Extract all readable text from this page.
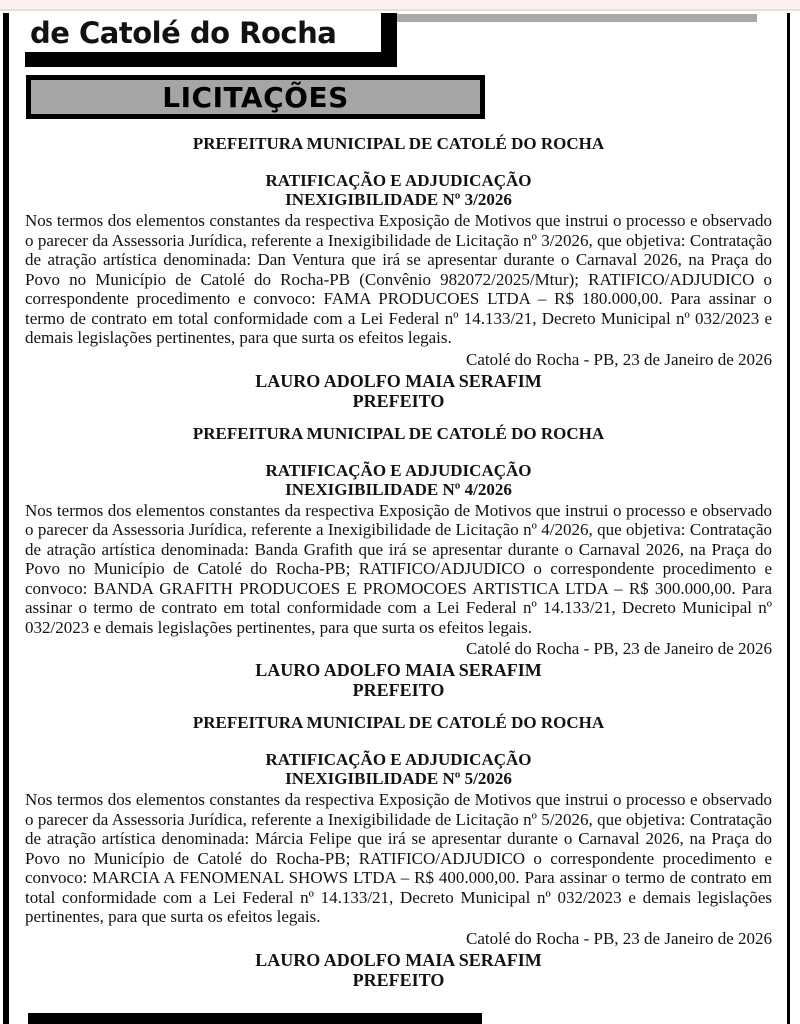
de Catolé do Rocha
LICITAÇÕES
PREFEITURA MUNICIPAL DE CATOLÉ DO ROCHA
RATIFICAÇÃO E ADJUDICAÇÃO
INEXIGIBILIDADE Nº 3/2026

Nos termos dos elementos constantes da respectiva Exposição de Motivos que instrui o processo e observado o parecer da Assessoria Jurídica, referente a Inexigibilidade de Licitação nº 3/2026, que objetiva: Contratação de atração artística denominada: Dan Ventura que irá se apresentar durante o Carnaval 2026, na Praça do Povo no Município de Catolé do Rocha-PB (Convênio 982072/2025/Mtur); RATIFICO/ADJUDICO o correspondente procedimento e convoco: FAMA PRODUCOES LTDA – R$ 180.000,00. Para assinar o termo de contrato em total conformidade com a Lei Federal nº 14.133/21, Decreto Municipal nº 032/2023 e demais legislações pertinentes, para que surta os efeitos legais.

Catolé do Rocha - PB, 23 de Janeiro de 2026
LAURO ADOLFO MAIA SERAFIM
PREFEITO
PREFEITURA MUNICIPAL DE CATOLÉ DO ROCHA
RATIFICAÇÃO E ADJUDICAÇÃO
INEXIGIBILIDADE Nº 4/2026

Nos termos dos elementos constantes da respectiva Exposição de Motivos que instrui o processo e observado o parecer da Assessoria Jurídica, referente a Inexigibilidade de Licitação nº 4/2026, que objetiva: Contratação de atração artística denominada: Banda Grafith que irá se apresentar durante o Carnaval 2026, na Praça do Povo no Município de Catolé do Rocha-PB; RATIFICO/ADJUDICO o correspondente procedimento e convoco: BANDA GRAFITH PRODUCOES E PROMOCOES ARTISTICA LTDA – R$ 300.000,00. Para assinar o termo de contrato em total conformidade com a Lei Federal nº 14.133/21, Decreto Municipal nº 032/2023 e demais legislações pertinentes, para que surta os efeitos legais.

Catolé do Rocha - PB, 23 de Janeiro de 2026
LAURO ADOLFO MAIA SERAFIM
PREFEITO
PREFEITURA MUNICIPAL DE CATOLÉ DO ROCHA
RATIFICAÇÃO E ADJUDICAÇÃO
INEXIGIBILIDADE Nº 5/2026

Nos termos dos elementos constantes da respectiva Exposição de Motivos que instrui o processo e observado o parecer da Assessoria Jurídica, referente a Inexigibilidade de Licitação nº 5/2026, que objetiva: Contratação de atração artística denominada: Márcia Felipe que irá se apresentar durante o Carnaval 2026, na Praça do Povo no Município de Catolé do Rocha-PB; RATIFICO/ADJUDICO o correspondente procedimento e convoco: MARCIA A FENOMENAL SHOWS LTDA – R$ 400.000,00. Para assinar o termo de contrato em total conformidade com a Lei Federal nº 14.133/21, Decreto Municipal nº 032/2023 e demais legislações pertinentes, para que surta os efeitos legais.

Catolé do Rocha - PB, 23 de Janeiro de 2026
LAURO ADOLFO MAIA SERAFIM
PREFEITO
